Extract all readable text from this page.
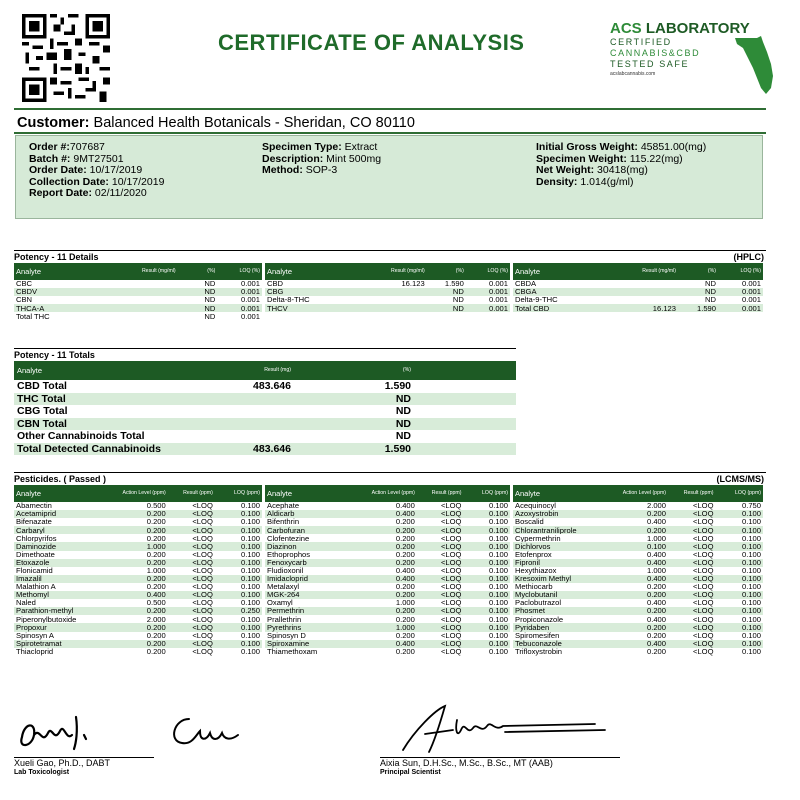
CERTIFICATE OF ANALYSIS
ACS LABORATORY
CERTIFIED
CANNABIS&CBD
TESTED SAFE
acslabcannabis.com
Customer: Balanced Health Botanicals - Sheridan, CO 80110
Order #:707687
Batch #: 9MT27501
Order Date: 10/17/2019
Collection Date: 10/17/2019
Report Date: 02/11/2020
Specimen Type: Extract
Description: Mint 500mg
Method: SOP-3
Initial Gross Weight: 45851.00(mg)
Specimen Weight: 115.22(mg)
Net Weight: 30418(mg)
Density: 1.014(g/ml)
Potency - 11 Details	(HPLC)
Analyte	Result (mg/ml)	(%)	LOQ (%)
CBC		ND	0.001
CBDV		ND	0.001
CBN		ND	0.001
THCA-A		ND	0.001
Total THC		ND	0.001
Analyte	Result (mg/ml)	(%)	LOQ (%)
CBD	16.123	1.590	0.001
CBG		ND	0.001
Delta-8-THC		ND	0.001
THCV		ND	0.001
Analyte	Result (mg/ml)	(%)	LOQ (%)
CBDA		ND	0.001
CBGA		ND	0.001
Delta-9-THC		ND	0.001
Total CBD	16.123	1.590	0.001
Potency - 11 Totals
Analyte	Result (mg)	(%)	
CBD Total	483.646	1.590	
THC Total		ND	
CBG Total		ND	
CBN Total		ND	
Other Cannabinoids Total		ND	
Total Detected Cannabinoids	483.646	1.590	
Pesticides. ( Passed )	(LCMS/MS)
Analyte	Action Level (ppm)	Result (ppm)	LOQ (ppm)
Abamectin	0.500	<LOQ	0.100
Acetamiprid	0.200	<LOQ	0.100
Bifenazate	0.200	<LOQ	0.100
Carbaryl	0.200	<LOQ	0.100
Chlorpyrifos	0.200	<LOQ	0.100
Daminozide	1.000	<LOQ	0.100
Dimethoate	0.200	<LOQ	0.100
Etoxazole	0.200	<LOQ	0.100
Flonicamid	1.000	<LOQ	0.100
Imazalil	0.200	<LOQ	0.100
Malathion A	0.200	<LOQ	0.100
Methomyl	0.400	<LOQ	0.100
Naled	0.500	<LOQ	0.100
Parathion-methyl	0.200	<LOQ	0.250
Piperonylbutoxide	2.000	<LOQ	0.100
Propoxur	0.200	<LOQ	0.100
Spinosyn A	0.200	<LOQ	0.100
Spirotetramat	0.200	<LOQ	0.100
Thiacloprid	0.200	<LOQ	0.100
Analyte	Action Level (ppm)	Result (ppm)	LOQ (ppm)
Acephate	0.400	<LOQ	0.100
Aldicarb	0.400	<LOQ	0.100
Bifenthrin	0.200	<LOQ	0.100
Carbofuran	0.200	<LOQ	0.100
Clofentezine	0.200	<LOQ	0.100
Diazinon	0.200	<LOQ	0.100
Ethoprophos	0.200	<LOQ	0.100
Fenoxycarb	0.200	<LOQ	0.100
Fludioxonil	0.400	<LOQ	0.100
Imidacloprid	0.400	<LOQ	0.100
Metalaxyl	0.200	<LOQ	0.100
MGK-264	0.200	<LOQ	0.100
Oxamyl	1.000	<LOQ	0.100
Permethrin	0.200	<LOQ	0.100
Prallethrin	0.200	<LOQ	0.100
Pyrethrins	1.000	<LOQ	0.100
Spinosyn D	0.200	<LOQ	0.100
Spiroxamine	0.400	<LOQ	0.100
Thiamethoxam	0.200	<LOQ	0.100
Analyte	Action Level (ppm)	Result (ppm)	LOQ (ppm)
Acequinocyl	2.000	<LOQ	0.750
Azoxystrobin	0.200	<LOQ	0.100
Boscalid	0.400	<LOQ	0.100
Chlorantraniliprole	0.200	<LOQ	0.100
Cypermethrin	1.000	<LOQ	0.100
Dichlorvos	0.100	<LOQ	0.100
Etofenprox	0.400	<LOQ	0.100
Fipronil	0.400	<LOQ	0.100
Hexythiazox	1.000	<LOQ	0.100
Kresoxim Methyl	0.400	<LOQ	0.100
Methiocarb	0.200	<LOQ	0.100
Myclobutanil	0.200	<LOQ	0.100
Paclobutrazol	0.400	<LOQ	0.100
Phosmet	0.200	<LOQ	0.100
Propiconazole	0.400	<LOQ	0.100
Pyridaben	0.200	<LOQ	0.100
Spiromesifen	0.200	<LOQ	0.100
Tebuconazole	0.400	<LOQ	0.100
Trifloxystrobin	0.200	<LOQ	0.100
Xueli Gao, Ph.D., DABT
Lab Toxicologist
Aixia Sun, D.H.Sc., M.Sc., B.Sc., MT (AAB)
Principal Scientist
